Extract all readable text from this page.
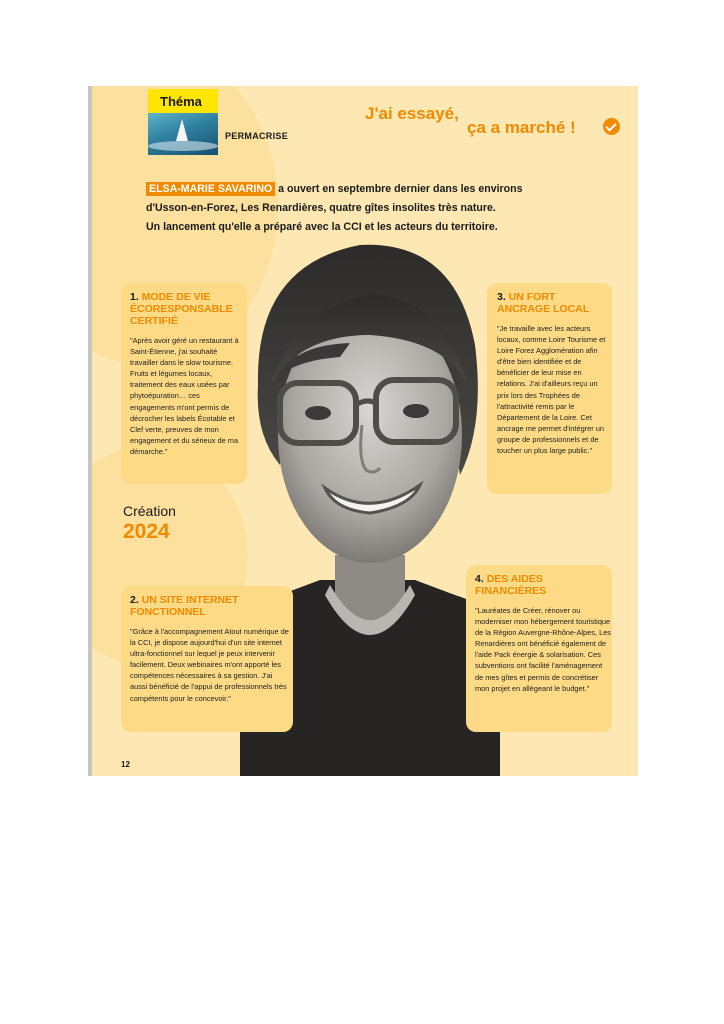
Théma
PERMACRISE
J'ai essayé,
ça a marché !
ELSA-MARIE SAVARINO a ouvert en septembre dernier dans les environs
d'Usson-en-Forez, Les Renardières, quatre gîtes insolites très nature.
Un lancement qu'elle a préparé avec la CCI et les acteurs du territoire.
1. MODE DE VIE ÉCORESPONSABLE CERTIFIÉ

"Après avoir géré un restaurant à Saint-Étienne, j'ai souhaité travailler dans le slow tourisme. Fruits et légumes locaux, traitement des eaux usées par phytoépuration… ces engagements m'ont permis de décrocher les labels Écotable et Clef verte, preuves de mon engagement et du sérieux de ma démarche."

3. UN FORT ANCRAGE LOCAL

"Je travaille avec les acteurs locaux, comme Loire Tourisme et Loire Forez Agglomération afin d'être bien identifiée et de bénéficier de leur mise en relations. J'ai d'ailleurs reçu un prix lors des Trophées de l'attractivité remis par le Département de la Loire. Cet ancrage me permet d'intégrer un groupe de professionnels et de toucher un plus large public."

Création
2024
2. UN SITE INTERNET FONCTIONNEL

"Grâce à l'accompagnement Atout numérique de la CCI, je dispose aujourd'hui d'un site internet ultra-fonctionnel sur lequel je peux intervenir facilement. Deux webinaires m'ont apporté les compétences nécessaires à sa gestion. J'ai aussi bénéficié de l'appui de professionnels très compétents pour le concevoir."

4. DES AIDES FINANCIÈRES

"Lauréates de Créer, rénover ou moderniser mon hébergement touristique de la Région Auvergne-Rhône-Alpes, Les Renardières ont bénéficié également de l'aide Pack énergie & solarisation. Ces subventions ont facilité l'aménagement de mes gîtes et permis de concrétiser mon projet en allégeant le budget."

12
